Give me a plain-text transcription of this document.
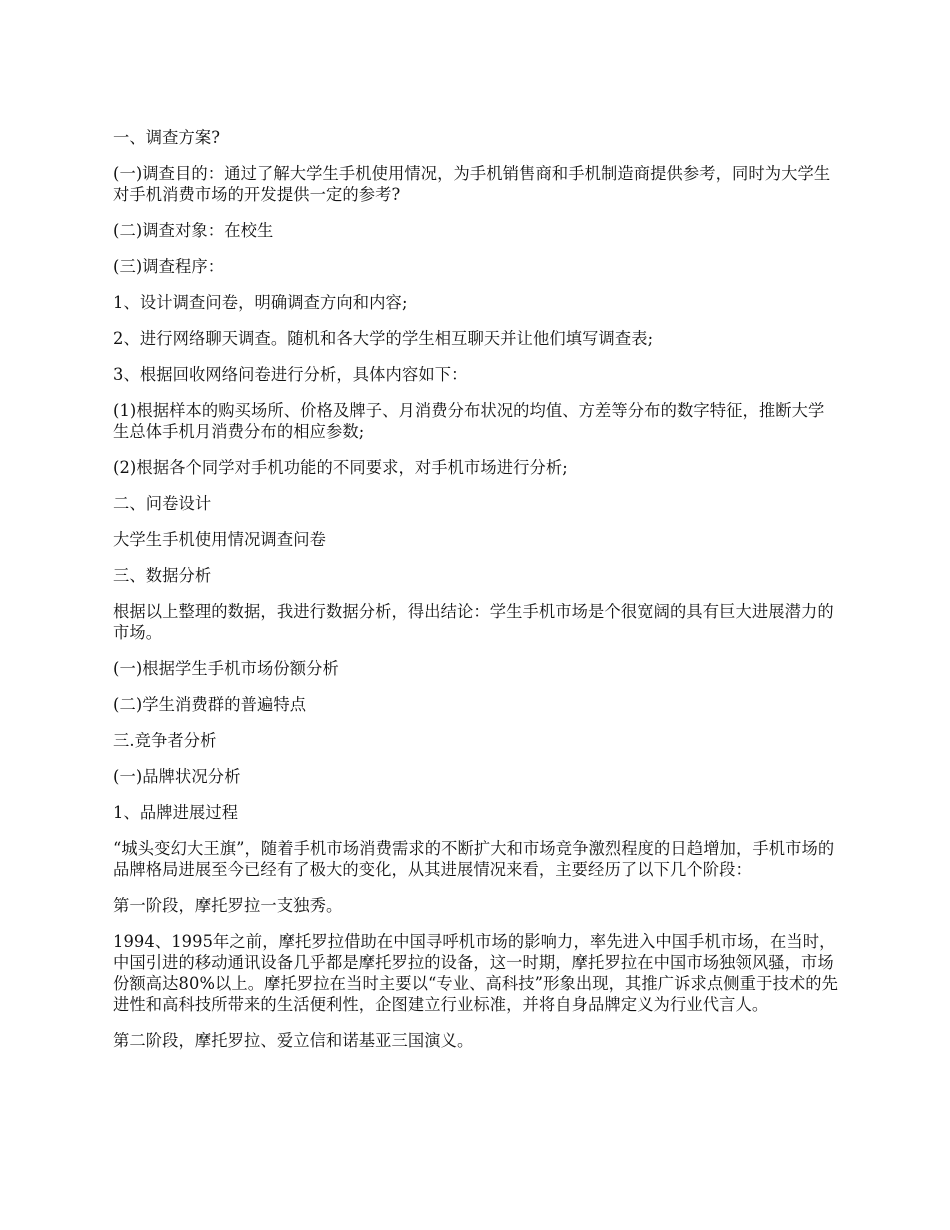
一、调查方案?

(一)调查目的：通过了解大学生手机使用情况，为手机销售商和手机制造商提供参考，同时为大学生对手机消费市场的开发提供一定的参考?

(二)调查对象：在校生

(三)调查程序：

1、设计调查问卷，明确调查方向和内容;

2、进行网络聊天调查。随机和各大学的学生相互聊天并让他们填写调查表;

3、根据回收网络问卷进行分析，具体内容如下：

(1)根据样本的购买场所、价格及牌子、月消费分布状况的均值、方差等分布的数字特征，推断大学生总体手机月消费分布的相应参数;

(2)根据各个同学对手机功能的不同要求，对手机市场进行分析;

二、问卷设计

大学生手机使用情况调查问卷

三、数据分析

根据以上整理的数据，我进行数据分析，得出结论：学生手机市场是个很宽阔的具有巨大进展潜力的市场。

(一)根据学生手机市场份额分析

(二)学生消费群的普遍特点

三.竞争者分析

(一)品牌状况分析

1、品牌进展过程

“城头变幻大王旗”，随着手机市场消费需求的不断扩大和市场竞争激烈程度的日趋增加，手机市场的品牌格局进展至今已经有了极大的变化，从其进展情况来看，主要经历了以下几个阶段：

第一阶段，摩托罗拉一支独秀。

1994、1995年之前，摩托罗拉借助在中国寻呼机市场的影响力，率先进入中国手机市场，在当时，中国引进的移动通讯设备几乎都是摩托罗拉的设备，这一时期，摩托罗拉在中国市场独领风骚，市场份额高达80%以上。摩托罗拉在当时主要以“专业、高科技”形象出现，其推广诉求点侧重于技术的先进性和高科技所带来的生活便利性，企图建立行业标准，并将自身品牌定义为行业代言人。

第二阶段，摩托罗拉、爱立信和诺基亚三国演义。
